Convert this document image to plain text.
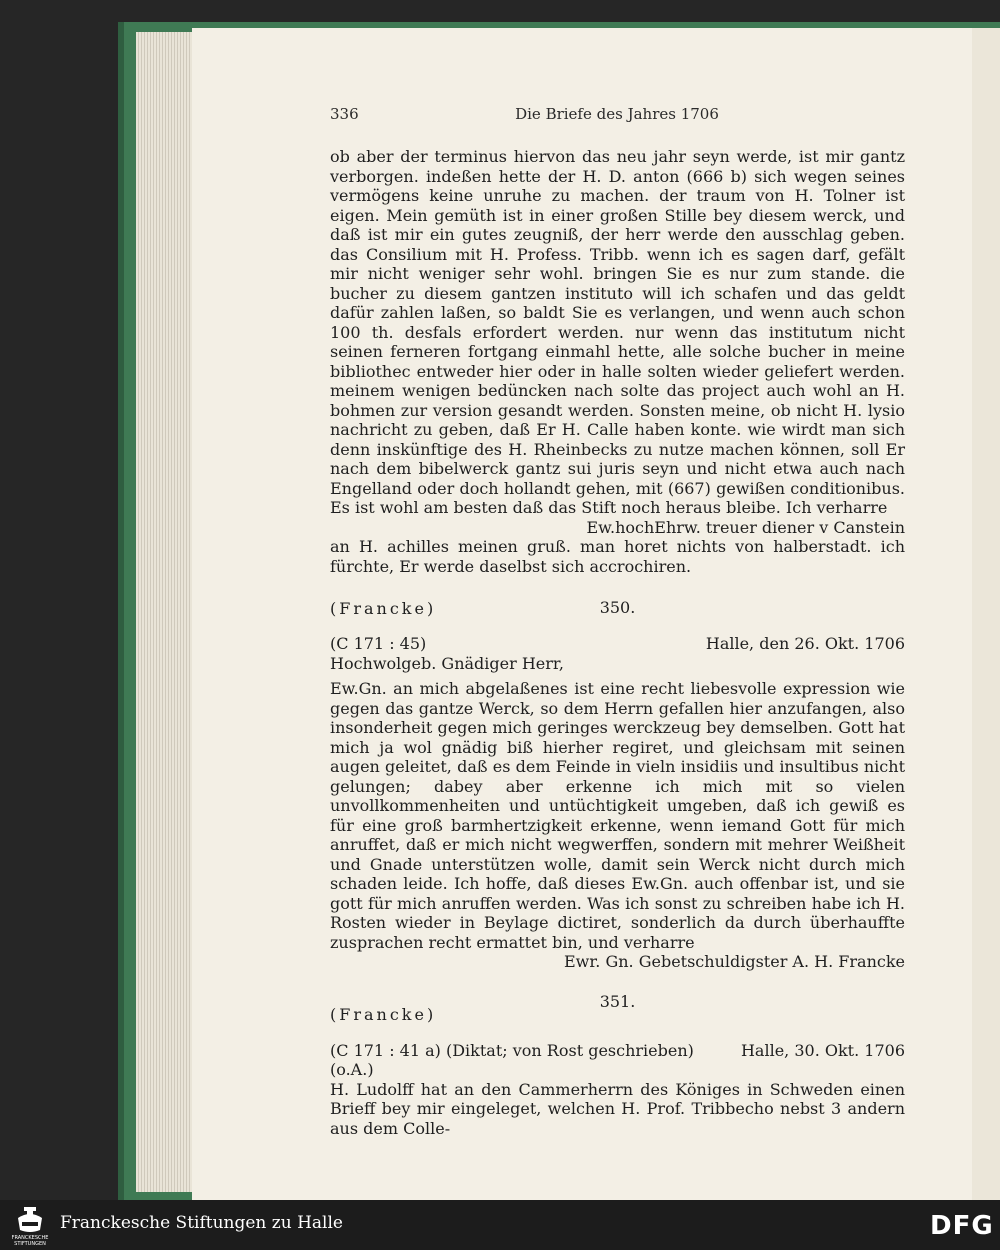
336	Die Briefe des Jahres 1706

ob aber der terminus hiervon das neu jahr seyn werde, ist mir gantz verborgen. indeßen hette der H. D. anton (666 b) sich wegen seines vermögens keine unruhe zu machen. der traum von H. Tolner ist eigen. Mein gemüth ist in einer großen Stille bey diesem werck, und daß ist mir ein gutes zeugniß, der herr werde den ausschlag geben. das Consilium mit H. Profess. Tribb. wenn ich es sagen darf, gefält mir nicht weniger sehr wohl. bringen Sie es nur zum stande. die bucher zu diesem gantzen instituto will ich schafen und das geldt dafür zahlen laßen, so baldt Sie es verlangen, und wenn auch schon 100 th. desfals erfordert werden. nur wenn das institutum nicht seinen ferneren fortgang einmahl hette, alle solche bucher in meine bibliothec entweder hier oder in halle solten wieder geliefert werden. meinem wenigen bedüncken nach solte das project auch wohl an H. bohmen zur version gesandt werden. Sonsten meine, ob nicht H. lysio nachricht zu geben, daß Er H. Calle haben konte. wie wirdt man sich denn inskünftige des H. Rheinbecks zu nutze machen können, soll Er nach dem bibelwerck gantz sui juris seyn und nicht etwa auch nach Engelland oder doch hollandt gehen, mit (667) gewißen conditionibus. Es ist wohl am besten daß das Stift noch heraus bleibe. Ich verharre

Ew.hochEhrw. treuer diener v Canstein

an H. achilles meinen gruß. man horet nichts von halberstadt. ich fürchte, Er werde daselbst sich accrochiren.

350.

(Francke)

(C 171 : 45)	Halle, den 26. Okt. 1706

Hochwolgeb. Gnädiger Herr,

Ew.Gn. an mich abgelaßenes ist eine recht liebesvolle expression wie gegen das gantze Werck, so dem Herrn gefallen hier anzufangen, also insonderheit gegen mich geringes werckzeug bey demselben. Gott hat mich ja wol gnädig biß hierher regiret, und gleichsam mit seinen augen geleitet, daß es dem Feinde in vieln insidiis und insultibus nicht gelungen; dabey aber erkenne ich mich mit so vielen unvollkommenheiten und untüchtigkeit umgeben, daß ich gewiß es für eine groß barmhertzigkeit erkenne, wenn iemand Gott für mich anruffet, daß er mich nicht wegwerffen, sondern mit mehrer Weißheit und Gnade unterstützen wolle, damit sein Werck nicht durch mich schaden leide. Ich hoffe, daß dieses Ew.Gn. auch offenbar ist, und sie gott für mich anruffen werden. Was ich sonst zu schreiben habe ich H. Rosten wieder in Beylage dictiret, sonderlich da durch überhauffte zusprachen recht ermattet bin, und verharre

Ewr. Gn. Gebetschuldigster A. H. Francke

351.

(Francke)

(C 171 : 41 a) (Diktat; von Rost geschrieben)	Halle, 30. Okt. 1706

(o.A.)

H. Ludolff hat an den Cammerherrn des Königes in Schweden einen Brieff bey mir eingeleget, welchen H. Prof. Tribbecho nebst 3 andern aus dem Colle-

FRANCKESCHE
STIFTUNGEN
Franckesche Stiftungen zu Halle	DFG
